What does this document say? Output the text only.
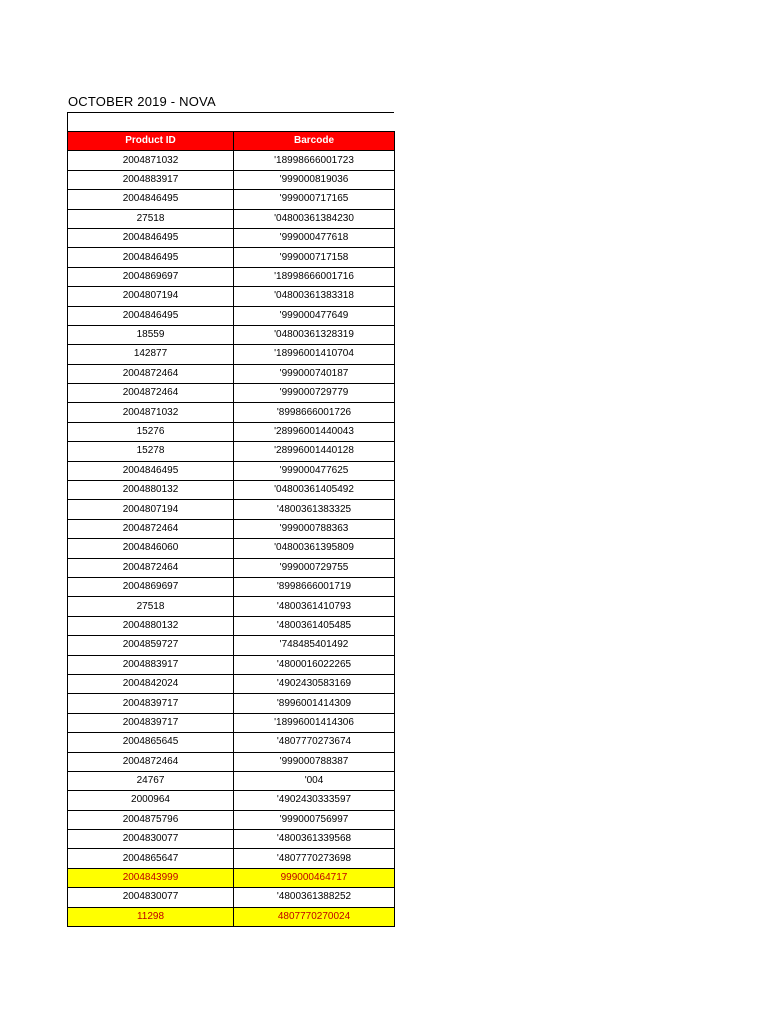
OCTOBER 2019 - NOVA
Product ID	Barcode
2004871032	'18998666001723
2004883917	'999000819036
2004846495	'999000717165
27518	'04800361384230
2004846495	'999000477618
2004846495	'999000717158
2004869697	'18998666001716
2004807194	'04800361383318
2004846495	'999000477649
18559	'04800361328319
142877	'18996001410704
2004872464	'999000740187
2004872464	'999000729779
2004871032	'8998666001726
15276	'28996001440043
15278	'28996001440128
2004846495	'999000477625
2004880132	'04800361405492
2004807194	'4800361383325
2004872464	'999000788363
2004846060	'04800361395809
2004872464	'999000729755
2004869697	'8998666001719
27518	'4800361410793
2004880132	'4800361405485
2004859727	'748485401492
2004883917	'4800016022265
2004842024	'4902430583169
2004839717	'8996001414309
2004839717	'18996001414306
2004865645	'4807770273674
2004872464	'999000788387
24767	'004
2000964	'4902430333597
2004875796	'999000756997
2004830077	'4800361339568
2004865647	'4807770273698
2004843999	999000464717
2004830077	'4800361388252
11298	4807770270024
